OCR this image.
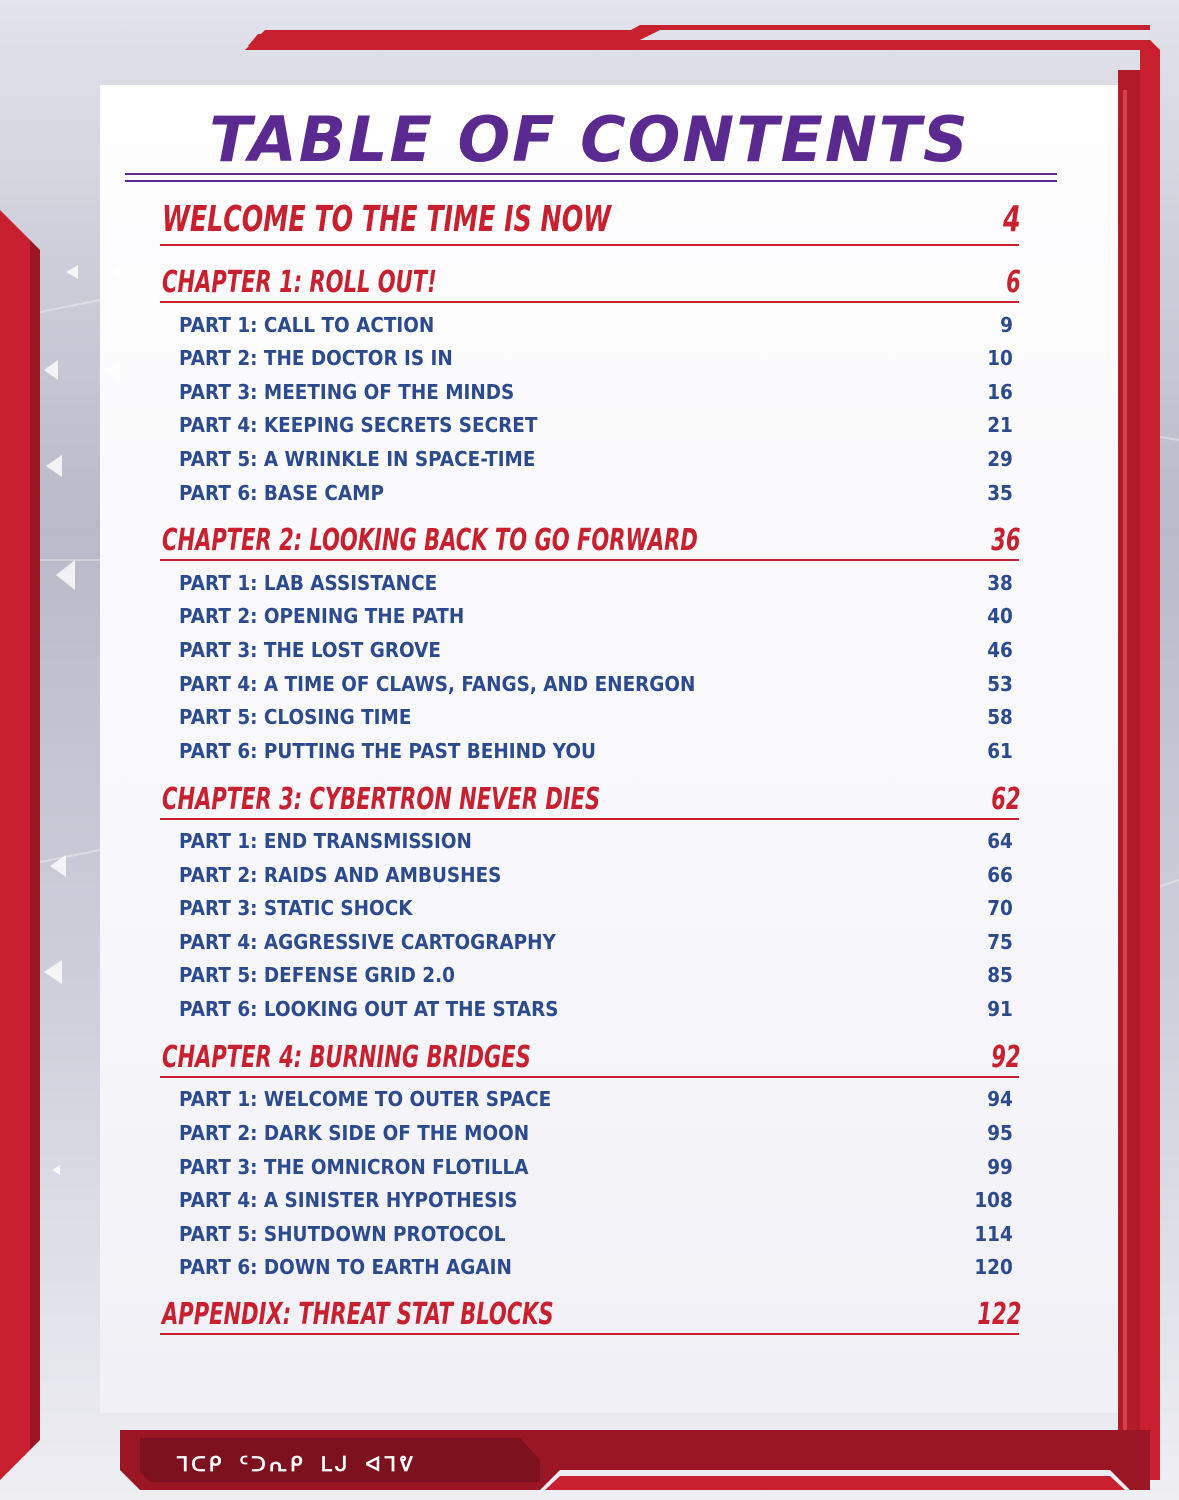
TABLE OF CONTENTS
WELCOME TO THE TIME IS NOW	4
CHAPTER 1: ROLL OUT!	6
PART 1: CALL TO ACTION	9
PART 2: THE DOCTOR IS IN	10
PART 3: MEETING OF THE MINDS	16
PART 4: KEEPING SECRETS SECRET	21
PART 5: A WRINKLE IN SPACE-TIME	29
PART 6: BASE CAMP	35
CHAPTER 2: LOOKING BACK TO GO FORWARD	36
PART 1: LAB ASSISTANCE	38
PART 2: OPENING THE PATH	40
PART 3: THE LOST GROVE	46
PART 4: A TIME OF CLAWS, FANGS, AND ENERGON	53
PART 5: CLOSING TIME	58
PART 6: PUTTING THE PAST BEHIND YOU	61
CHAPTER 3: CYBERTRON NEVER DIES	62
PART 1: END TRANSMISSION	64
PART 2: RAIDS AND AMBUSHES	66
PART 3: STATIC SHOCK	70
PART 4: AGGRESSIVE CARTOGRAPHY	75
PART 5: DEFENSE GRID 2.0	85
PART 6: LOOKING OUT AT THE STARS	91
CHAPTER 4: BURNING BRIDGES	92
PART 1: WELCOME TO OUTER SPACE	94
PART 2: DARK SIDE OF THE MOON	95
PART 3: THE OMNICRON FLOTILLA	99
PART 4: A SINISTER HYPOTHESIS	108
PART 5: SHUTDOWN PROTOCOL	114
PART 6: DOWN TO EARTH AGAIN	120
APPENDIX: THREAT STAT BLOCKS	122
ᒣᑕᑭ ᑦᑐᕆᑭ ᒪᒍ ᐊᒣᕓ
